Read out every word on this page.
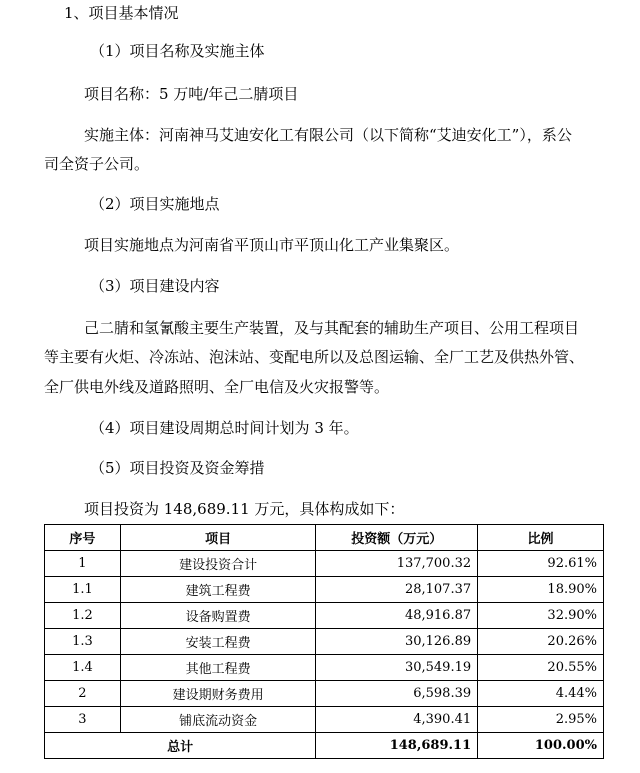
1、项目基本情况
（1）项目名称及实施主体
项目名称：5 万吨/年己二腈项目
实施主体：河南神马艾迪安化工有限公司（以下简称“艾迪安化工”），系公
司全资子公司。
（2）项目实施地点
项目实施地点为河南省平顶山市平顶山化工产业集聚区。
（3）项目建设内容
己二腈和氢氰酸主要生产装置，及与其配套的辅助生产项目、公用工程项目
等主要有火炬、冷冻站、泡沫站、变配电所以及总图运输、全厂工艺及供热外管、
全厂供电外线及道路照明、全厂电信及火灾报警等。
（4）项目建设周期总时间计划为 3 年。
（5）项目投资及资金筹措
项目投资为 148,689.11 万元，具体构成如下：
序号	项目	投资额（万元）	比例
1	建设投资合计	137,700.32	92.61%
1.1	建筑工程费	28,107.37	18.90%
1.2	设备购置费	48,916.87	32.90%
1.3	安装工程费	30,126.89	20.26%
1.4	其他工程费	30,549.19	20.55%
2	建设期财务费用	6,598.39	4.44%
3	铺底流动资金	4,390.41	2.95%
总计		148,689.11	100.00%
